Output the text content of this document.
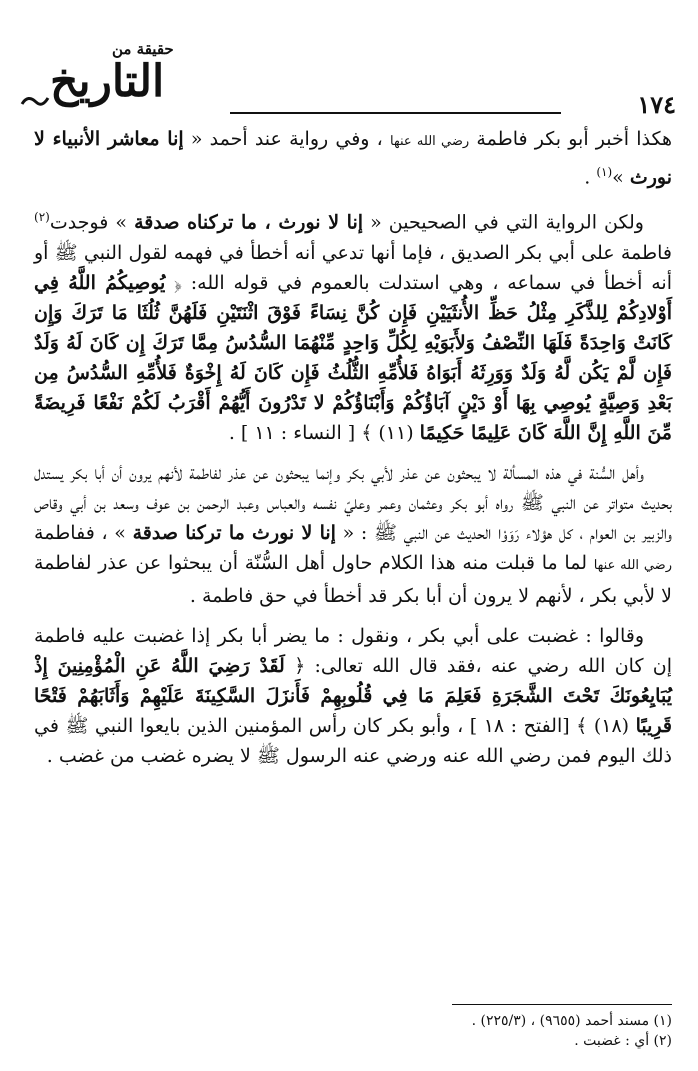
١٧٤
حقيقة من
التاريخ

هكذا أخبر أبو بكر فاطمة رضي الله عنها ، وفي رواية عند أحمد « إنا معاشر الأنبياء لا نورث »$^{(١)}$ .

ولكن الرواية التي في الصحيحين « إنا لا نورث ، ما تركناه صدقة » فوجدت$^{(٢)}$ فاطمة على أبي بكر الصديق ، فإما أنها تدعي أنه أخطأ في فهمه لقول النبي ﷺ أو أنه أخطأ في سماعه ، وهي استدلت بالعموم في قوله الله: ﴿ يُوصِيكُمُ اللَّهُ فِي أَوْلادِكُمْ لِلذَّكَرِ مِثْلُ حَظِّ الأُنثَيَيْنِ فَإِن كُنَّ نِسَاءً فَوْقَ اثْنَتَيْنِ فَلَهُنَّ ثُلُثَا مَا تَرَكَ وَإِن كَانَتْ وَاحِدَةً فَلَهَا النِّصْفُ وَلأَبَوَيْهِ لِكُلِّ وَاحِدٍ مِّنْهُمَا السُّدُسُ مِمَّا تَرَكَ إِن كَانَ لَهُ وَلَدٌ فَإِن لَّمْ يَكُن لَّهُ وَلَدٌ وَوَرِثَهُ أَبَوَاهُ فَلأُمِّهِ الثُّلُثُ فَإِن كَانَ لَهُ إِخْوَةٌ فَلأُمِّهِ السُّدُسُ مِن بَعْدِ وَصِيَّةٍ يُوصِي بِهَا أَوْ دَيْنٍ آبَاؤُكُمْ وَأَبْنَاؤُكُمْ لا تَدْرُونَ أَيُّهُمْ أَقْرَبُ لَكُمْ نَفْعًا فَرِيضَةً مِّنَ اللَّهِ إِنَّ اللَّهَ كَانَ عَلِيمًا حَكِيمًا (١١) ﴾ [ النساء : ١١ ] .

وأهل السُّنة في هذه المسألة لا يبحثون عن عذر لأبي بكر وإنما يبحثون عن عذر لفاطمة لأنهم يرون أن أبا بكر يستدل بحديث متواتر عن النبي ﷺ رواه أبو بكر وعثمان وعمر وعليّ نفسه والعباس وعبد الرحمن بن عوف وسعد بن أبي وقاص والزبير بن العوام ، كل هؤلاء رَوَوْا الحديث عن النبي ﷺ : « إنا لا نورث ما تركنا صدقة » ، ففاطمة رضي الله عنها لما ما قبلت منه هذا الكلام حاول أهل السُّنّة أن يبحثوا عن عذر لفاطمة لا لأبي بكر ، لأنهم لا يرون أن أبا بكر قد أخطأ في حق فاطمة .

وقالوا : غضبت على أبي بكر ، ونقول : ما يضر أبا بكر إذا غضبت عليه فاطمة إن كان الله رضي عنه ،فقد قال الله تعالى: ﴿ لَقَدْ رَضِيَ اللَّهُ عَنِ الْمُؤْمِنِينَ إِذْ يُبَايِعُونَكَ تَحْتَ الشَّجَرَةِ فَعَلِمَ مَا فِي قُلُوبِهِمْ فَأَنزَلَ السَّكِينَةَ عَلَيْهِمْ وَأَثَابَهُمْ فَتْحًا قَرِيبًا (١٨) ﴾ [الفتح : ١٨ ] ، وأبو بكر كان رأس المؤمنين الذين بايعوا النبي ﷺ في ذلك اليوم فمن رضي الله عنه ورضي عنه الرسول ﷺ لا يضره غضب من غضب .

(١) مسند أحمد (٩٦٥٥) ، (٢٢٥/٣) .
(٢) أي : غضبت .
